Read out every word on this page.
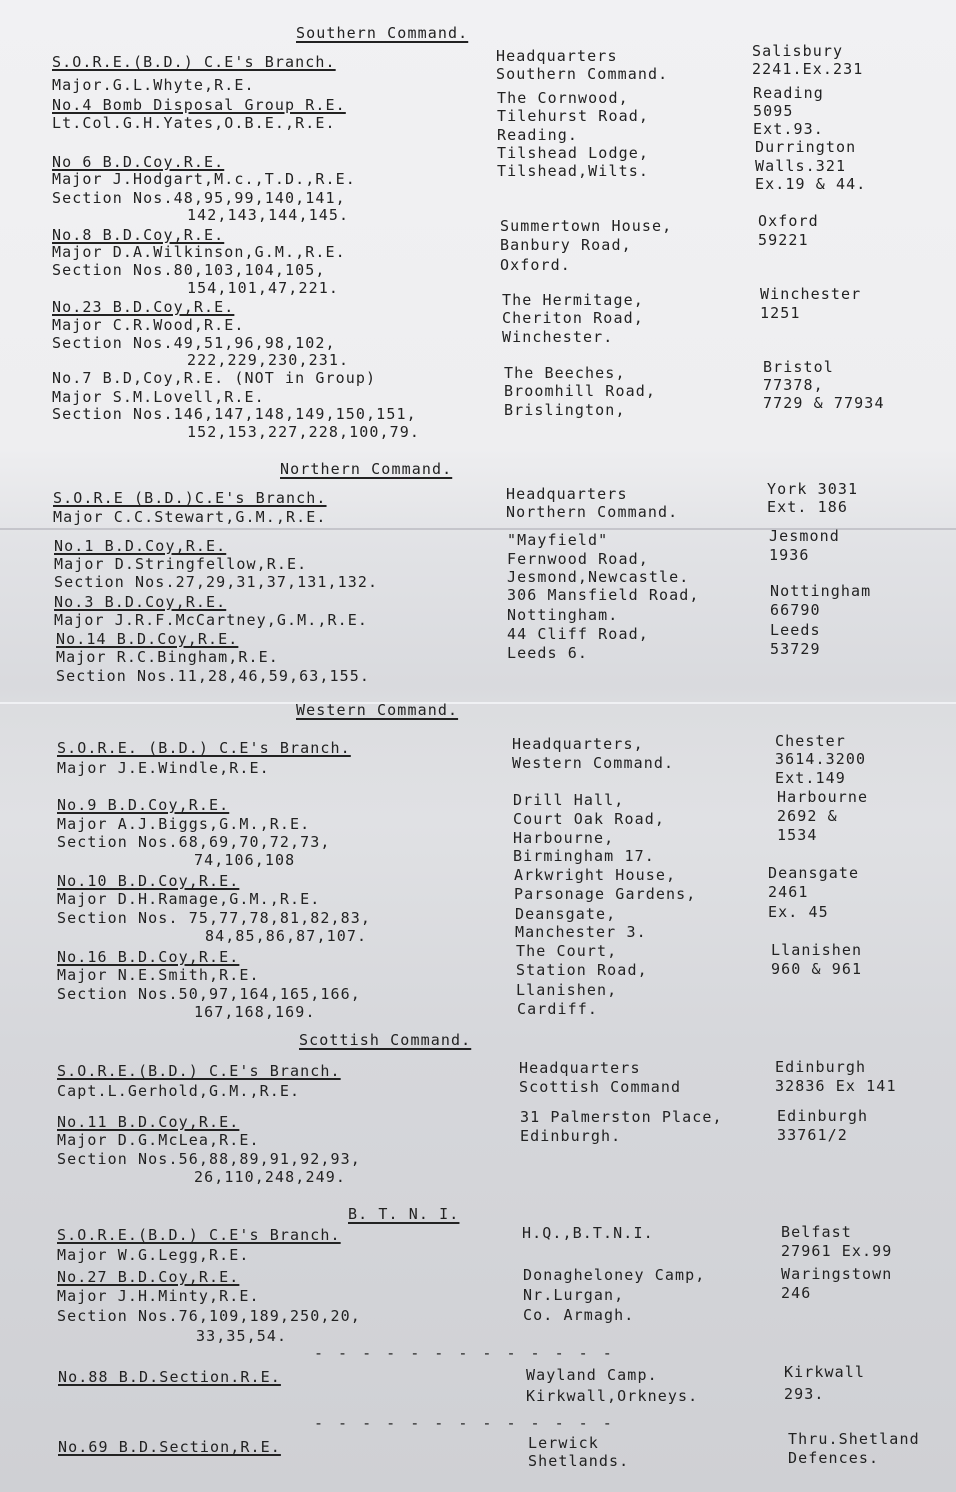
Southern Command.
S.O.R.E.(B.D.) C.E's Branch.
Major.G.L.Whyte,R.E.
No.4 Bomb Disposal Group R.E.
Lt.Col.G.H.Yates,O.B.E.,R.E.
No 6 B.D.Coy.R.E.
Major J.Hodgart,M.c.,T.D.,R.E.
Section Nos.48,95,99,140,141,
142,143,144,145.
No.8 B.D.Coy,R.E.
Major D.A.Wilkinson,G.M.,R.E.
Section Nos.80,103,104,105,
154,101,47,221.
No.23 B.D.Coy,R.E.
Major C.R.Wood,R.E.
Section Nos.49,51,96,98,102,
222,229,230,231.
No.7 B.D,Coy,R.E. (NOT in Group)
Major S.M.Lovell,R.E.
Section Nos.146,147,148,149,150,151,
152,153,227,228,100,79.
Headquarters
Southern Command.
The Cornwood,
Tilehurst Road,
Reading.
Tilshead Lodge,
Tilshead,Wilts.
Summertown House,
Banbury Road,
Oxford.
The Hermitage,
Cheriton Road,
Winchester.
The Beeches,
Broomhill Road,
Brislington,
Salisbury
2241.Ex.231
Reading
5095
Ext.93.
Durrington
Walls.321
Ex.19 & 44.
Oxford
59221
Winchester
1251
Bristol
77378,
7729 & 77934
Northern Command.
S.O.R.E (B.D.)C.E's Branch.
Major C.C.Stewart,G.M.,R.E.
No.1 B.D.Coy,R.E.
Major D.Stringfellow,R.E.
Section Nos.27,29,31,37,131,132.
No.3 B.D.Coy,R.E.
Major J.R.F.McCartney,G.M.,R.E.
No.14 B.D.Coy,R.E.
Major R.C.Bingham,R.E.
Section Nos.11,28,46,59,63,155.
Headquarters
Northern Command.
"Mayfield"
Fernwood Road,
Jesmond,Newcastle.
306 Mansfield Road,
Nottingham.
44 Cliff Road,
Leeds 6.
York 3031
Ext. 186
Jesmond
1936
Nottingham
66790
Leeds
53729
Western Command.
S.O.R.E. (B.D.) C.E's Branch.
Major J.E.Windle,R.E.
No.9 B.D.Coy,R.E.
Major A.J.Biggs,G.M.,R.E.
Section Nos.68,69,70,72,73,
74,106,108
No.10 B.D.Coy,R.E.
Major D.H.Ramage,G.M.,R.E.
Section Nos. 75,77,78,81,82,83,
84,85,86,87,107.
No.16 B.D.Coy,R.E.
Major N.E.Smith,R.E.
Section Nos.50,97,164,165,166,
167,168,169.
Headquarters,
Western Command.
Drill Hall,
Court Oak Road,
Harbourne,
Birmingham 17.
Arkwright House,
Parsonage Gardens,
Deansgate,
Manchester 3.
The Court,
Station Road,
Llanishen,
Cardiff.
Chester
3614.3200
Ext.149
Harbourne
2692 &
1534
Deansgate
2461
Ex. 45
Llanishen
960 & 961
Scottish Command.
S.O.R.E.(B.D.) C.E's Branch.
Capt.L.Gerhold,G.M.,R.E.
No.11 B.D.Coy,R.E.
Major D.G.McLea,R.E.
Section Nos.56,88,89,91,92,93,
26,110,248,249.
Headquarters
Scottish Command
31 Palmerston Place,
Edinburgh.
Edinburgh
32836 Ex 141
Edinburgh
33761/2
B. T. N. I.
S.O.R.E.(B.D.) C.E's Branch.
Major W.G.Legg,R.E.
No.27 B.D.Coy,R.E.
Major J.H.Minty,R.E.
Section Nos.76,109,189,250,20,
33,35,54.
H.Q.,B.T.N.I.
Donagheloney Camp,
Nr.Lurgan,
Co. Armagh.
Belfast
27961 Ex.99
Waringstown
246
- - - - - - - - - - - - -
No.88 B.D.Section.R.E.	Wayland Camp.
Kirkwall,Orkneys.
Kirkwall
293.
- - - - - - - - - - - - -
No.69 B.D.Section,R.E.	Lerwick
Shetlands.
Thru.Shetland
Defences.
